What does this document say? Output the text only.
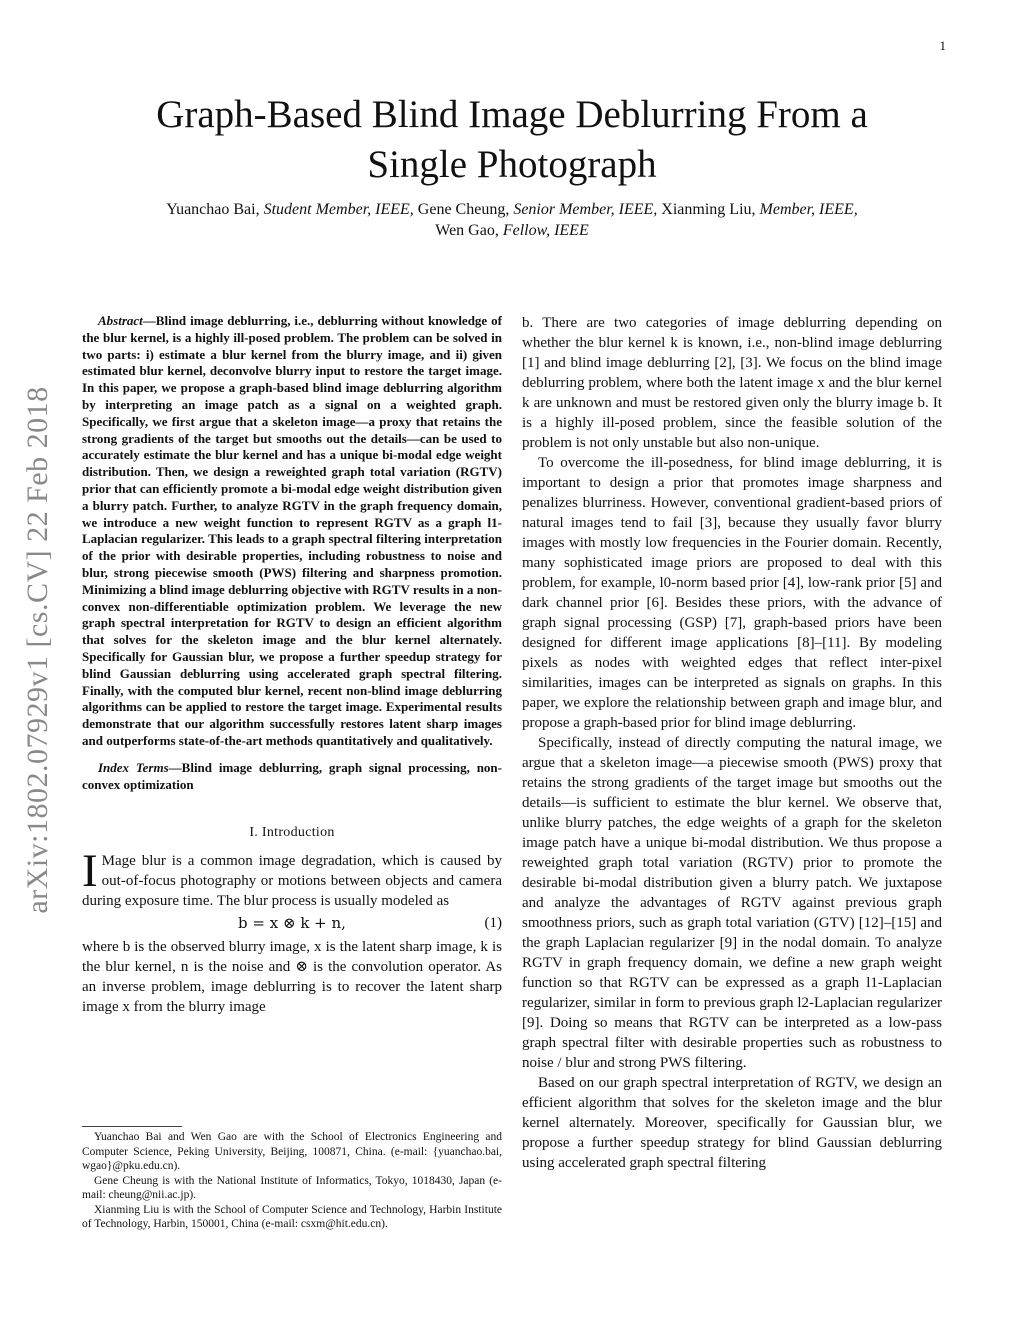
1
arXiv:1802.07929v1 [cs.CV] 22 Feb 2018
Graph-Based Blind Image Deblurring From a
Single Photograph
Yuanchao Bai, Student Member, IEEE, Gene Cheung, Senior Member, IEEE, Xianming Liu, Member, IEEE,
Wen Gao, Fellow, IEEE

Abstract—Blind image deblurring, i.e., deblurring without knowledge of the blur kernel, is a highly ill-posed problem. The problem can be solved in two parts: i) estimate a blur kernel from the blurry image, and ii) given estimated blur kernel, deconvolve blurry input to restore the target image. In this paper, we propose a graph-based blind image deblurring algorithm by interpreting an image patch as a signal on a weighted graph. Specifically, we first argue that a skeleton image—a proxy that retains the strong gradients of the target but smooths out the details—can be used to accurately estimate the blur kernel and has a unique bi-modal edge weight distribution. Then, we design a reweighted graph total variation (RGTV) prior that can efficiently promote a bi-modal edge weight distribution given a blurry patch. Further, to analyze RGTV in the graph frequency domain, we introduce a new weight function to represent RGTV as a graph l1-Laplacian regularizer. This leads to a graph spectral filtering interpretation of the prior with desirable properties, including robustness to noise and blur, strong piecewise smooth (PWS) filtering and sharpness promotion. Minimizing a blind image deblurring objective with RGTV results in a non-convex non-differentiable optimization problem. We leverage the new graph spectral interpretation for RGTV to design an efficient algorithm that solves for the skeleton image and the blur kernel alternately. Specifically for Gaussian blur, we propose a further speedup strategy for blind Gaussian deblurring using accelerated graph spectral filtering. Finally, with the computed blur kernel, recent non-blind image deblurring algorithms can be applied to restore the target image. Experimental results demonstrate that our algorithm successfully restores latent sharp images and outperforms state-of-the-art methods quantitatively and qualitatively.

Index Terms—Blind image deblurring, graph signal processing, non-convex optimization

I. Introduction

I Mage blur is a common image degradation, which is caused by out-of-focus photography or motions between objects and camera during exposure time. The blur process is usually modeled as

b = x ⊗ k + n,	(1)

where b is the observed blurry image, x is the latent sharp image, k is the blur kernel, n is the noise and ⊗ is the convolution operator. As an inverse problem, image deblurring is to recover the latent sharp image x from the blurry image

Yuanchao Bai and Wen Gao are with the School of Electronics Engineering and Computer Science, Peking University, Beijing, 100871, China. (e-mail: {yuanchao.bai, wgao}@pku.edu.cn).

Gene Cheung is with the National Institute of Informatics, Tokyo, 1018430, Japan (e-mail: cheung@nii.ac.jp).

Xianming Liu is with the School of Computer Science and Technology, Harbin Institute of Technology, Harbin, 150001, China (e-mail: csxm@hit.edu.cn).

b. There are two categories of image deblurring depending on whether the blur kernel k is known, i.e., non-blind image deblurring [1] and blind image deblurring [2], [3]. We focus on the blind image deblurring problem, where both the latent image x and the blur kernel k are unknown and must be restored given only the blurry image b. It is a highly ill-posed problem, since the feasible solution of the problem is not only unstable but also non-unique.

To overcome the ill-posedness, for blind image deblurring, it is important to design a prior that promotes image sharpness and penalizes blurriness. However, conventional gradient-based priors of natural images tend to fail [3], because they usually favor blurry images with mostly low frequencies in the Fourier domain. Recently, many sophisticated image priors are proposed to deal with this problem, for example, l0-norm based prior [4], low-rank prior [5] and dark channel prior [6]. Besides these priors, with the advance of graph signal processing (GSP) [7], graph-based priors have been designed for different image applications [8]–[11]. By modeling pixels as nodes with weighted edges that reflect inter-pixel similarities, images can be interpreted as signals on graphs. In this paper, we explore the relationship between graph and image blur, and propose a graph-based prior for blind image deblurring.

Specifically, instead of directly computing the natural image, we argue that a skeleton image—a piecewise smooth (PWS) proxy that retains the strong gradients of the target image but smooths out the details—is sufficient to estimate the blur kernel. We observe that, unlike blurry patches, the edge weights of a graph for the skeleton image patch have a unique bi-modal distribution. We thus propose a reweighted graph total variation (RGTV) prior to promote the desirable bi-modal distribution given a blurry patch. We juxtapose and analyze the advantages of RGTV against previous graph smoothness priors, such as graph total variation (GTV) [12]–[15] and the graph Laplacian regularizer [9] in the nodal domain. To analyze RGTV in graph frequency domain, we define a new graph weight function so that RGTV can be expressed as a graph l1-Laplacian regularizer, similar in form to previous graph l2-Laplacian regularizer [9]. Doing so means that RGTV can be interpreted as a low-pass graph spectral filter with desirable properties such as robustness to noise / blur and strong PWS filtering.

Based on our graph spectral interpretation of RGTV, we design an efficient algorithm that solves for the skeleton image and the blur kernel alternately. Moreover, specifically for Gaussian blur, we propose a further speedup strategy for blind Gaussian deblurring using accelerated graph spectral filtering
